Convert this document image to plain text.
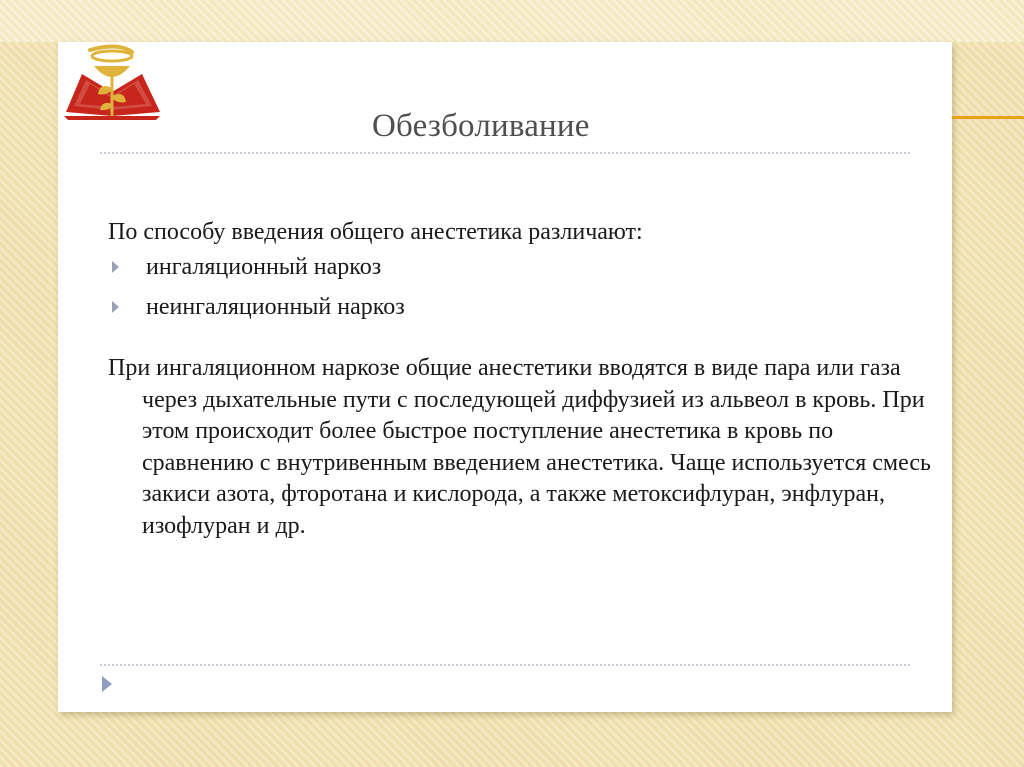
Обезболивание

По способу введения общего анестетика различают:

ингаляционный наркоз
неингаляционный наркоз

При ингаляционном наркозе общие анестетики вводятся в виде пара или газа через дыхательные пути с последующей диффузией из альвеол в кровь. При этом происходит более быстрое поступление анестетика в кровь по сравнению с внутривенным введением анестетика. Чаще используется смесь закиси азота, фторотана и кислорода, а также метоксифлуран, энфлуран, изофлуран и др.
